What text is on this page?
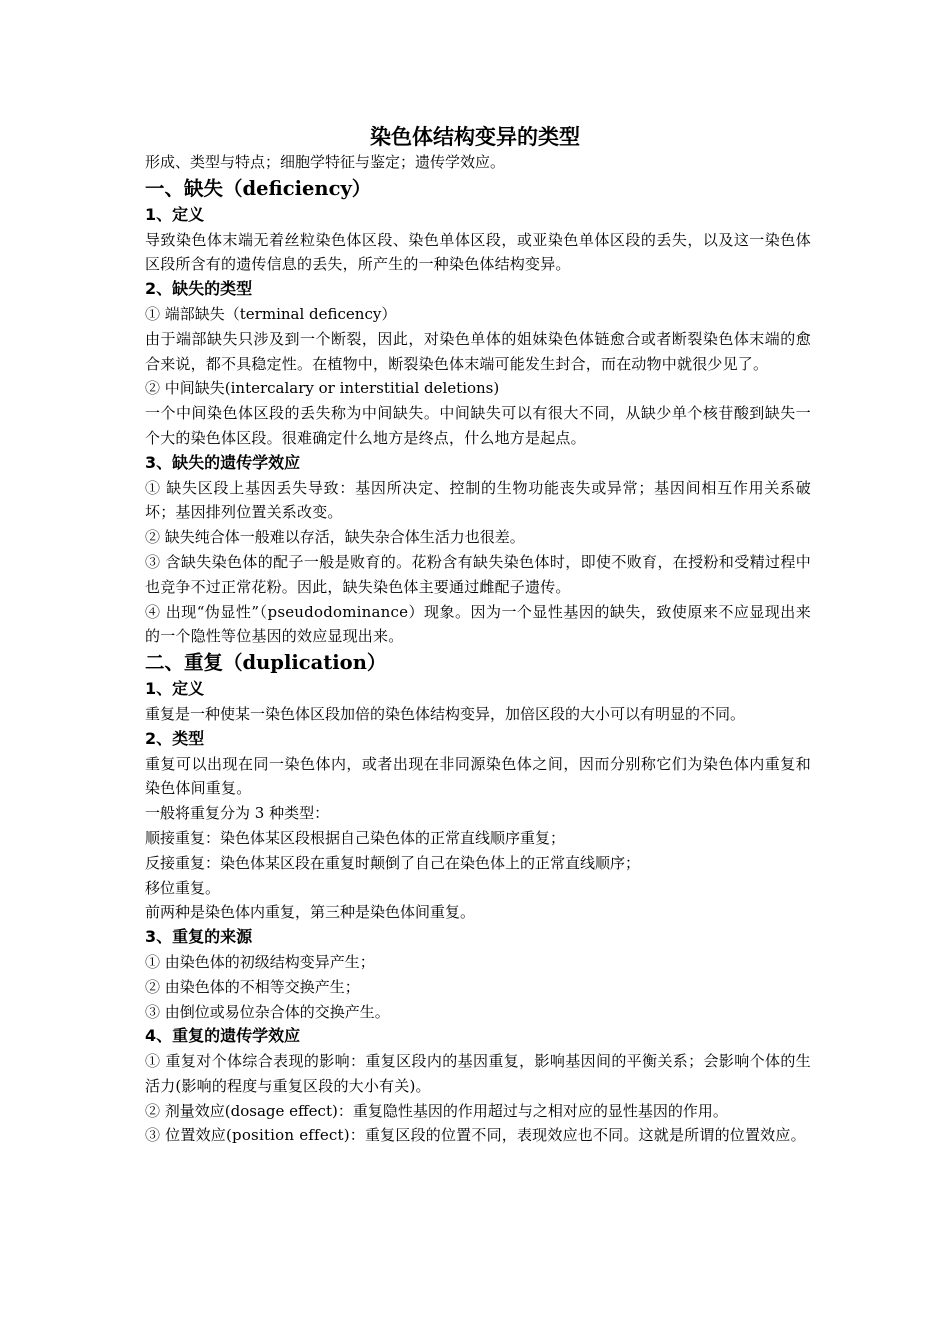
染色体结构变异的类型

形成、类型与特点；细胞学特征与鉴定；遗传学效应。

一、缺失（deficiency）
1、定义

导致染色体末端无着丝粒染色体区段、染色单体区段，或亚染色单体区段的丢失，以及这一染色体区段所含有的遗传信息的丢失，所产生的一种染色体结构变异。

2、缺失的类型

① 端部缺失（terminal deficency）

由于端部缺失只涉及到一个断裂，因此，对染色单体的姐妹染色体链愈合或者断裂染色体末端的愈合来说，都不具稳定性。在植物中，断裂染色体末端可能发生封合，而在动物中就很少见了。

② 中间缺失(intercalary or interstitial deletions)

一个中间染色体区段的丢失称为中间缺失。中间缺失可以有很大不同，从缺少单个核苷酸到缺失一个大的染色体区段。很难确定什么地方是终点，什么地方是起点。

3、缺失的遗传学效应

① 缺失区段上基因丢失导致：基因所决定、控制的生物功能丧失或异常；基因间相互作用关系破坏；基因排列位置关系改变。

② 缺失纯合体一般难以存活，缺失杂合体生活力也很差。

③ 含缺失染色体的配子一般是败育的。花粉含有缺失染色体时，即使不败育，在授粉和受精过程中也竞争不过正常花粉。因此，缺失染色体主要通过雌配子遗传。

④ 出现“伪显性”（pseudodominance）现象。因为一个显性基因的缺失，致使原来不应显现出来的一个隐性等位基因的效应显现出来。

二、重复（duplication）
1、定义

重复是一种使某一染色体区段加倍的染色体结构变异，加倍区段的大小可以有明显的不同。

2、类型

重复可以出现在同一染色体内，或者出现在非同源染色体之间，因而分别称它们为染色体内重复和染色体间重复。

一般将重复分为 3 种类型：

顺接重复：染色体某区段根据自己染色体的正常直线顺序重复；

反接重复：染色体某区段在重复时颠倒了自己在染色体上的正常直线顺序；

移位重复。

前两种是染色体内重复，第三种是染色体间重复。

3、重复的来源

① 由染色体的初级结构变异产生；

② 由染色体的不相等交换产生；

③ 由倒位或易位杂合体的交换产生。

4、重复的遗传学效应

① 重复对个体综合表现的影响：重复区段内的基因重复，影响基因间的平衡关系；会影响个体的生活力(影响的程度与重复区段的大小有关)。

② 剂量效应(dosage effect)：重复隐性基因的作用超过与之相对应的显性基因的作用。

③ 位置效应(position effect)：重复区段的位置不同，表现效应也不同。这就是所谓的位置效应。
